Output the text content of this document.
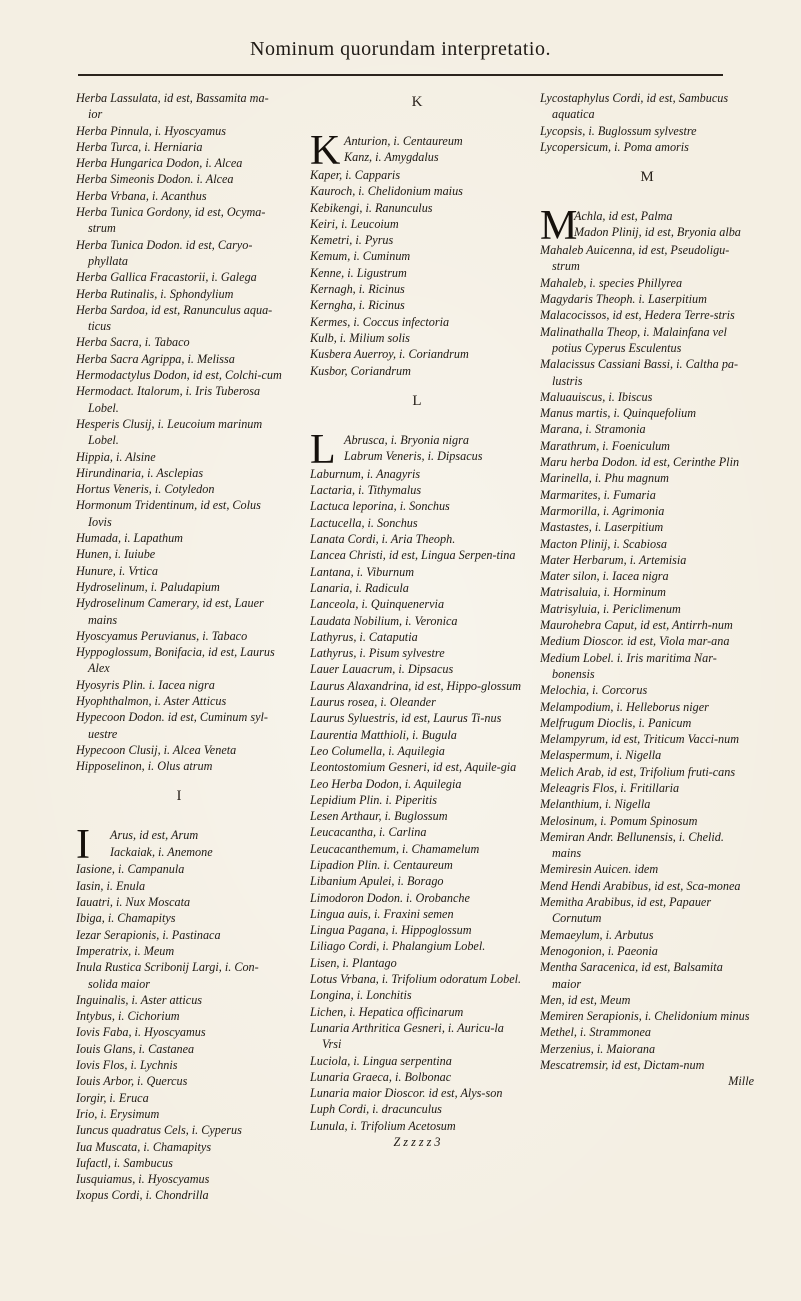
Nominum quorundam interpretatio.

Herba Lassulata, id est, Bassamita ma-ior

Herba Pinnula, i. Hyoscyamus

Herba Turca, i. Herniaria

Herba Hungarica Dodon, i. Alcea

Herba Simeonis Dodon. i. Alcea

Herba Vrbana, i. Acanthus

Herba Tunica Gordony, id est, Ocyma-strum

Herba Tunica Dodon. id est, Caryo-phyllata

Herba Gallica Fracastorii, i. Galega

Herba Rutinalis, i. Sphondylium

Herba Sardoa, id est, Ranunculus aqua-ticus

Herba Sacra, i. Tabaco

Herba Sacra Agrippa, i. Melissa

Hermodactylus Dodon, id est, Colchi-cum

Hermodact. Italorum, i. Iris Tuberosa Lobel.

Hesperis Clusij, i. Leucoium marinum Lobel.

Hippia, i. Alsine

Hirundinaria, i. Asclepias

Hortus Veneris, i. Cotyledon

Hormonum Tridentinum, id est, Colus Iovis

Humada, i. Lapathum

Hunen, i. Iuiube

Hunure, i. Vrtica

Hydroselinum, i. Paludapium

Hydroselinum Camerary, id est, Lauer mains

Hyoscyamus Peruvianus, i. Tabaco

Hyppoglossum, Bonifacia, id est, Laurus Alex

Hyosyris Plin. i. Iacea nigra

Hyophthalmon, i. Aster Atticus

Hypecoon Dodon. id est, Cuminum syl-uestre

Hypecoon Clusij, i. Alcea Veneta

Hipposelinon, i. Olus atrum

I
I Arus, id est, Arum

Iackaiak, i. Anemone

Iasione, i. Campanula

Iasin, i. Enula

Iauatri, i. Nux Moscata

Ibiga, i. Chamapitys

Iezar Serapionis, i. Pastinaca

Imperatrix, i. Meum

Inula Rustica Scribonij Largi, i. Con-solida maior

Inguinalis, i. Aster atticus

Intybus, i. Cichorium

Iovis Faba, i. Hyoscyamus

Iouis Glans, i. Castanea

Iovis Flos, i. Lychnis

Iouis Arbor, i. Quercus

Iorgir, i. Eruca

Irio, i. Erysimum

Iuncus quadratus Cels, i. Cyperus

Iua Muscata, i. Chamapitys

Iufactl, i. Sambucus

Iusquiamus, i. Hyoscyamus

Ixopus Cordi, i. Chondrilla

K
K Anturion, i. Centaureum

Kanz, i. Amygdalus

Kaper, i. Capparis

Kauroch, i. Chelidonium maius

Kebikengi, i. Ranunculus

Keiri, i. Leucoium

Kemetri, i. Pyrus

Kemum, i. Cuminum

Kenne, i. Ligustrum

Kernagh, i. Ricinus

Kerngha, i. Ricinus

Kermes, i. Coccus infectoria

Kulb, i. Milium solis

Kusbera Auerroy, i. Coriandrum

Kusbor, Coriandrum

L
L Abrusca, i. Bryonia nigra

Labrum Veneris, i. Dipsacus

Laburnum, i. Anagyris

Lactaria, i. Tithymalus

Lactuca leporina, i. Sonchus

Lactucella, i. Sonchus

Lanata Cordi, i. Aria Theoph.

Lancea Christi, id est, Lingua Serpen-tina

Lantana, i. Viburnum

Lanaria, i. Radicula

Lanceola, i. Quinquenervia

Laudata Nobilium, i. Veronica

Lathyrus, i. Cataputia

Lathyrus, i. Pisum sylvestre

Lauer Lauacrum, i. Dipsacus

Laurus Alaxandrina, id est, Hippo-glossum

Laurus rosea, i. Oleander

Laurus Syluestris, id est, Laurus Ti-nus

Laurentia Matthioli, i. Bugula

Leo Columella, i. Aquilegia

Leontostomium Gesneri, id est, Aquile-gia

Leo Herba Dodon, i. Aquilegia

Lepidium Plin. i. Piperitis

Lesen Arthaur, i. Buglossum

Leucacantha, i. Carlina

Leucacanthemum, i. Chamamelum

Lipadion Plin. i. Centaureum

Libanium Apulei, i. Borago

Limodoron Dodon. i. Orobanche

Lingua auis, i. Fraxini semen

Lingua Pagana, i. Hippoglossum

Liliago Cordi, i. Phalangium Lobel.

Lisen, i. Plantago

Lotus Vrbana, i. Trifolium odoratum Lobel.

Longina, i. Lonchitis

Lichen, i. Hepatica officinarum

Lunaria Arthritica Gesneri, i. Auricu-la Vrsi

Luciola, i. Lingua serpentina

Lunaria Graeca, i. Bolbonac

Lunaria maior Dioscor. id est, Alys-son

Luph Cordi, i. dracunculus

Lunula, i. Trifolium Acetosum

Z z z z z 3

Lycostaphylus Cordi, id est, Sambucus aquatica

Lycopsis, i. Buglossum sylvestre

Lycopersicum, i. Poma amoris

M
M

Achla, id est, Palma

Madon Plinij, id est, Bryonia alba

Mahaleb Auicenna, id est, Pseudoligu-strum

Mahaleb, i. species Phillyrea

Magydaris Theoph. i. Laserpitium

Malacocissos, id est, Hedera Terre-stris

Malinathalla Theop, i. Malainfana vel potius Cyperus Esculentus

Malacissus Cassiani Bassi, i. Caltha pa-lustris

Maluauiscus, i. Ibiscus

Manus martis, i. Quinquefolium

Marana, i. Stramonia

Marathrum, i. Foeniculum

Maru herba Dodon. id est, Cerinthe Plin

Marinella, i. Phu magnum

Marmarites, i. Fumaria

Marmorilla, i. Agrimonia

Mastastes, i. Laserpitium

Macton Plinij, i. Scabiosa

Mater Herbarum, i. Artemisia

Mater silon, i. Iacea nigra

Matrisaluia, i. Horminum

Matrisyluia, i. Periclimenum

Maurohebra Caput, id est, Antirrh-num

Medium Dioscor. id est, Viola mar-ana

Medium Lobel. i. Iris maritima Nar-bonensis

Melochia, i. Corcorus

Melampodium, i. Helleborus niger

Melfrugum Dioclis, i. Panicum

Melampyrum, id est, Triticum Vacci-num

Melaspermum, i. Nigella

Melich Arab, id est, Trifolium fruti-cans

Meleagris Flos, i. Fritillaria

Melanthium, i. Nigella

Melosinum, i. Pomum Spinosum

Memiran Andr. Bellunensis, i. Chelid. mains

Memiresin Auicen. idem

Mend Hendi Arabibus, id est, Sca-monea

Memitha Arabibus, id est, Papauer Cornutum

Memaeylum, i. Arbutus

Menogonion, i. Paeonia

Mentha Saracenica, id est, Balsamita maior

Men, id est, Meum

Memiren Serapionis, i. Chelidonium minus

Methel, i. Strammonea

Merzenius, i. Maiorana

Mescatremsir, id est, Dictam-num

Mille
